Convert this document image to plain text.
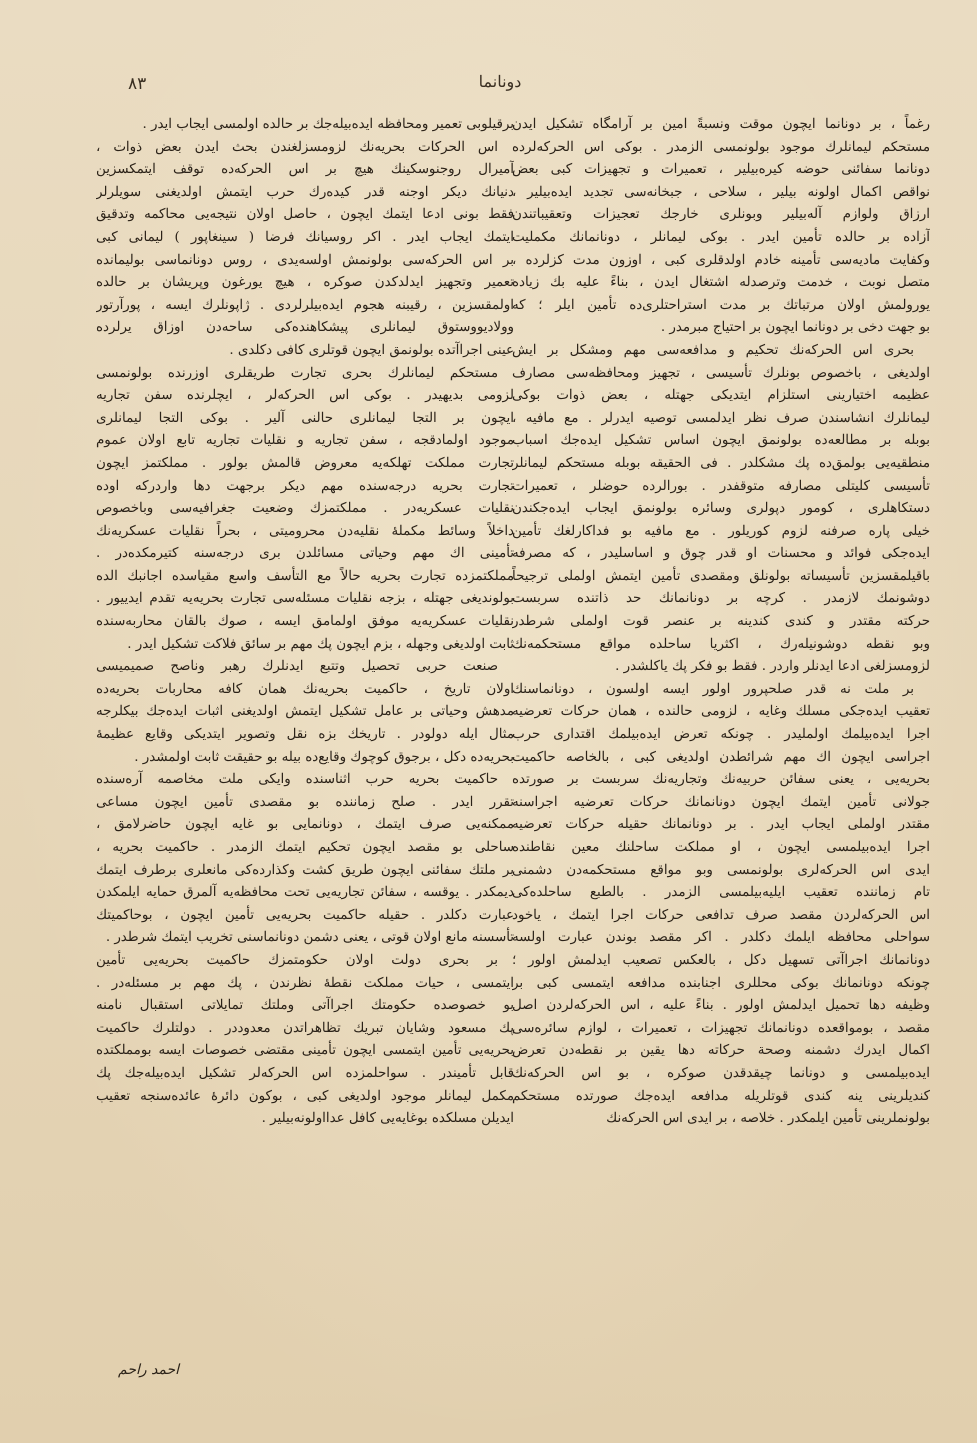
۸۳	دونانما
رغماً ، بر دونانما ایچون موقت ونسبةً امین بر آرامگاه تشکیل ایدن
مستحکم لیمانلرك موجود بولونمسی الزمدر . بوکی اس الحرکه‌لرده
دونانما سفائنی حوضه کیره‌بیلیر ، تعمیرات و تجهیزات کبی بعض
نواقص اکمال اولونه بیلیر ، سلاحی ، جبخانه‌سی تجدید ایده‌بیلیر ،
ارزاق ولوازم آله‌بیلیر وبونلری خارجك تعجیزات وتعقیباتندن
آزاده بر حالده تأمین ایدر . بوکی لیمانلر ، دونانمانك مکملیت
وکفایت مادیه‌سی تأمینه خادم اولدقلری کبی ، اوزون مدت کزلرده ،
متصل نوبت ، خدمت وترصدله اشتغال ایدن ، بناءً علیه بك زیاده
یورولمش اولان مرتباتك بر مدت استراحتلری‌ده تأمین ایلر ؛ که
بو جهت دخی بر دونانما ایچون بر احتیاج مبرمدر .
بحری اس الحرکه‌نك تحکیم و مدافعه‌سی مهم ومشکل بر ایش
اولدیغی ، باخصوص بونلرك تأسیسی ، تجهیز ومحافظه‌سی مصارف
عظیمه اختیارینی استلزام ایتدیکی جهتله ، بعض ذوات بوکی
لیمانلرك انشاسندن صرف نظر ایدلمسی توصیه ایدرلر . مع مافیه ،
بوبله بر مطالعه‌ده بولونمق ایچون اساس تشکیل ایده‌جك اسباب
منطقیه‌یی بولمق‌ده پك مشکلدر . فی الحقیقه بوبله مستحکم لیمانلر
تأسیسی کلیتلی مصارفه متوقفدر . بورالرده حوضلر ، تعمیرات
دستکاهلری ، کومور دپولری وسائره بولونمق ایجاب ایده‌جکندن
خیلی پاره صرفنه لزوم کوریلور . مع مافیه بو فداکارلغك تأمین
ایده‌جکی فوائد و محسنات او قدر چوق و اساسلیدر ، که مصرفه
باقیلمقسزین تأسیساته بولونلق ومقصدی تأمین ایتمش اولملی ترجیحاً
دوشونمك لازمدر . کرچه بر دونانمانك حد ذاتنده سربست
حرکته مقتدر و کندی کندینه بر عنصر قوت اولملی شرطدر
وبو نقطه دوشونیله‌رك ، اکثریا ساحلده مواقع مستحکمه‌نك
لزومسزلغی ادعا ایدنلر واردر . فقط بو فکر پك یاکلشدر .
بر ملت نه قدر صلحپرور اولور ایسه اولسون ، دونانماسنك
تعقیب ایده‌جکی مسلك وغایه ، لزومی حالنده ، همان حرکات تعرضیه
اجرا ایده‌بیلمك اولملیدر . چونکه تعرض ایده‌بیلمك اقتداری حرب
اجراسی ایچون اك مهم شرائطدن اولدیغی کبی ، بالخاصه حاکمیت
بحریه‌یی ، یعنی سفائن حربیه‌نك وتجاریه‌نك سربست بر صورتده
جولانی تأمین ایتمك ایچون دونانمانك حرکات تعرضیه اجراسنه
مقتدر اولملی ایجاب ایدر . بر دونانمانك حقیله حرکات تعرضیه
اجرا ایده‌بیلمسی ایچون ، او مملکت ساحلنك معین نقاطنده
ایدی اس الحرکه‌لری بولونمسی وبو مواقع مستحکمه‌دن دشمنی
تام زماننده تعقیب ایلیه‌بیلمسی الزمدر . بالطبع ساحلده‌کی
اس الحرکه‌لردن مقصد صرف تدافعی حرکات اجرا ایتمك ، یاخود
سواحلی محافظه ایلمك دکلدر . اکر مقصد بوندن عبارت اولسه
دونانمانك اجراآتی تسهیل دکل ، بالعکس تصعیب ایدلمش اولور ؛
چونکه دونانمانك بوکی محللری اجنابنده مدافعه ایتمسی کبی بر
وظیفه دها تحمیل ایدلمش اولور . بناءً علیه ، اس الحرکه‌لردن اصل
مقصد ، بومواقعده دونانمانك تجهیزات ، تعمیرات ، لوازم سائره‌سی
اکمال ایدرك دشمنه وصحة حرکاته دها یقین بر نقطه‌دن تعرض
ایده‌بیلمسی و دونانما چیقدقدن صوکره ، بو اس الحرکه‌نك
کندیلرینی ینه کندی قوتلریله مدافعه ایده‌جك صورتده مستحکم
بولونملرینی تأمین ایلمکدر . خلاصه ، بر ایدی اس الحرکه‌نك
برقیلوبی تعمیر ومحافظه ایده‌بیله‌جك بر حالده اولمسی ایجاب ایدر .
اس الحرکات بحریه‌نك لزومسزلغندن بحث ایدن بعض ذوات ،
آمیرال روجنوسکینك هیچ بر اس الحرکه‌ده توقف ایتمکسزین
دنیانك دیکر اوجنه قدر کیده‌رك حرب ایتمش اولدیغنی سویلرلر
فقط بونی ادعا ایتمك ایچون ، حاصل اولان نتیجه‌یی محاکمه وتدقیق
ایتمك ایجاب ایدر . اکر روسیانك فرضا ( سینغاپور ) لیمانی کبی
بر اس الحرکه‌سی بولونمش اولسه‌یدی ، روس دونانماسی بولیمانده
تعمیر وتجهیز ایدلدکدن صوکره ، هیچ یورغون وپریشان بر حالده
اولمقسزین ، رقیبنه هجوم ایده‌بیلرلردی . ژاپونلرك ایسه ، پورآرتور
وولادیووستوق لیمانلری پیشکاهنده‌کی ساحه‌دن اوزاق یرلرده
عینی اجراآتده بولونمق ایچون قوتلری کافی دکلدی .
مستحکم لیمانلرك بحری تجارت طریقلری اوزرنده بولونمسی
لزومی بدیهیدر . بوکی اس الحرکه‌لر ، ایچلرنده سفن تجاریه
ایچون بر التجا لیمانلری حالنی آلیر . بوکی التجا لیمانلری
موجود اولمادقجه ، سفن تجاریه و نقلیات تجاریه تابع اولان عموم
تجارت مملکت تهلکه‌یه معروض قالمش بولور . مملکتمز ایچون
تجارت بحریه درجه‌سنده مهم دیکر برجهت دها واردرکه اوده
نقلیات عسکریه‌در . مملکتمزك وضعیت جغرافیه‌سی وباخصوص
داخلاً وسائط مکملهٔ نقلیه‌دن محرومیتی ، بحراً نقلیات عسکریه‌نك
تأمینی اك مهم وحیاتی مسائلدن بری درجه‌سنه کتیرمکده‌در .
مملکتمزده تجارت بحریه حالاً مع التأسف واسع مقیاسده اجانبك الده
بولوندیغی جهتله ، بزجه نقلیات مسئله‌سی تجارت بحریه‌یه تقدم ایدییور .
نقلیات عسکریه‌یه موفق اولمامق ایسه ، صوك بالقان محاربه‌سنده
ثابت اولدیغی وجهله ، بزم ایچون پك مهم بر سائق فلاکت تشکیل ایدر .
صنعت حربی تحصیل وتتبع ایدنلرك رهبر وناصح صمیمیسی
اولان تاریخ ، حاکمیت بحریه‌نك همان کافه محاربات بحریه‌ده
مدهش وحیاتی بر عامل تشکیل ایتمش اولدیغنی اثبات ایده‌جك بیکلرجه
مثال ایله دولودر . تاریخك بزه نقل وتصویر ایتدیکی وقایع عظیمهٔ
بحریه‌ده دکل ، برجوق کوچوك وقایع‌ده بیله بو حقیقت ثابت اولمشدر .
حاکمیت بحریه حرب اثناسنده وایکی ملت مخاصمه آره‌سنده
تقرر ایدر . صلح زماننده بو مقصدی تأمین ایچون مساعی
ممکنه‌یی صرف ایتمك ، دونانمایی بو غایه ایچون حاضرلامق ،
ساحلی بو مقصد ایچون تحکیم ایتمك الزمدر . حاکمیت بحریه ،
بر ملتك سفائنی ایچون طریق کشت وکذارده‌کی مانعلری برطرف ایتمك
دیمکدر . یوقسه ، سفائن تجاریه‌یی تحت محافظه‌یه آلمرق حمایه ایلمکدن
عبارت دکلدر . حقیله حاکمیت بحریه‌یی تأمین ایچون ، بوحاکمیتك
تأسسنه مانع اولان قوتی ، یعنی دشمن دونانماسنی تخریب ایتمك شرطدر .
بر بحری دولت اولان حکومتمزك حاکمیت بحریه‌یی تأمین
ایتمسی ، حیات مملکت نقطهٔ نظرندن ، پك مهم بر مسئله‌در .
بو خصوصده حکومتك اجراآتی وملتك تمایلاتی استقبال نامنه
پك مسعود وشایان تبریك تظاهراتدن معدوددر . دولتلرك حاکمیت
بحریه‌یی تأمین ایتمسی ایچون تأمینی مقتضی خصوصات ایسه بومملکتده
قابل تأمیندر . سواحلمزده اس الحرکه‌لر تشکیل ایده‌بیله‌جك پك
مکمل لیمانلر موجود اولدیغی کبی ، بوکون دائرهٔ عائده‌سنجه تعقیب
ایدیلن مسلکده بوغایه‌یی کافل عدااولونه‌بیلیر .
احمد راحم
